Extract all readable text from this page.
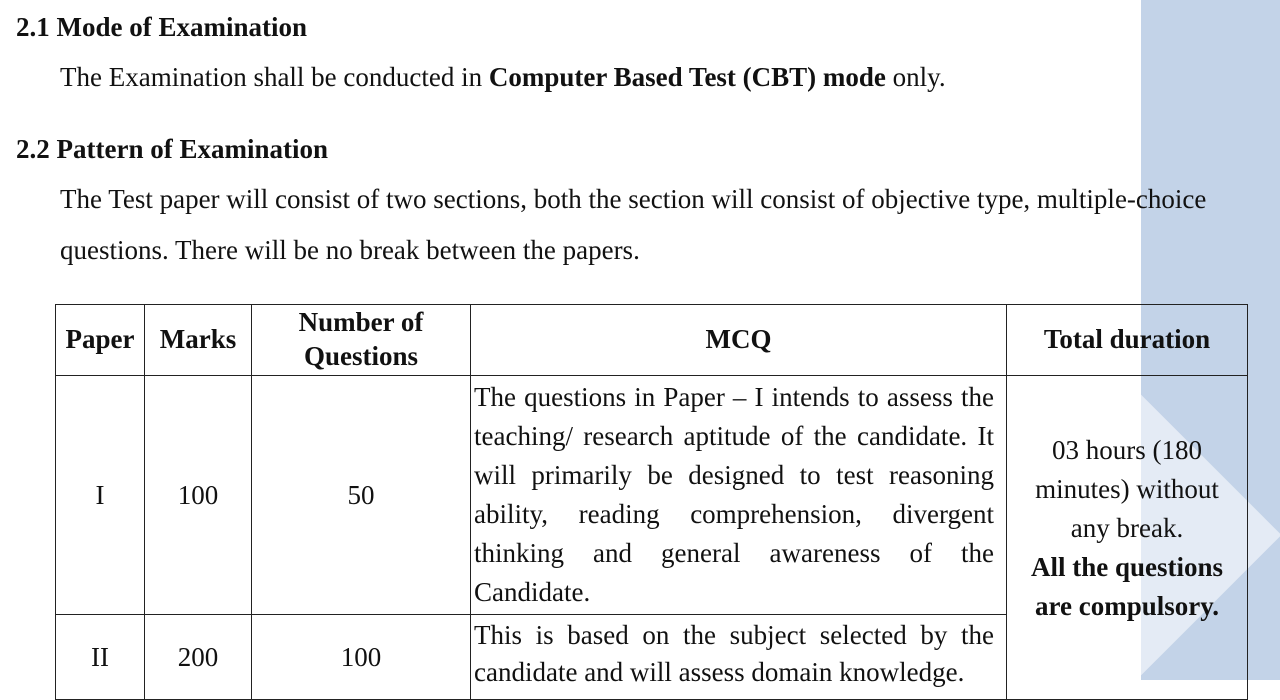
2.1 Mode of Examination

The Examination shall be conducted in Computer Based Test (CBT) mode only.

2.2 Pattern of Examination

The Test paper will consist of two sections, both the section will consist of objective type, multiple-choice

questions. There will be no break between the papers.

Paper	Marks	Number of Questions	MCQ	Total duration
I	100	50	The questions in Paper – I intends to assess the teaching/ research aptitude of the candidate. It will primarily be designed to test reasoning ability, reading comprehension, divergent thinking and general awareness of the Candidate.	03 hours (180 minutes) without any break.
All the questions are compulsory.

II	200	100	This is based on the subject selected by the candidate and will assess domain knowledge.	
